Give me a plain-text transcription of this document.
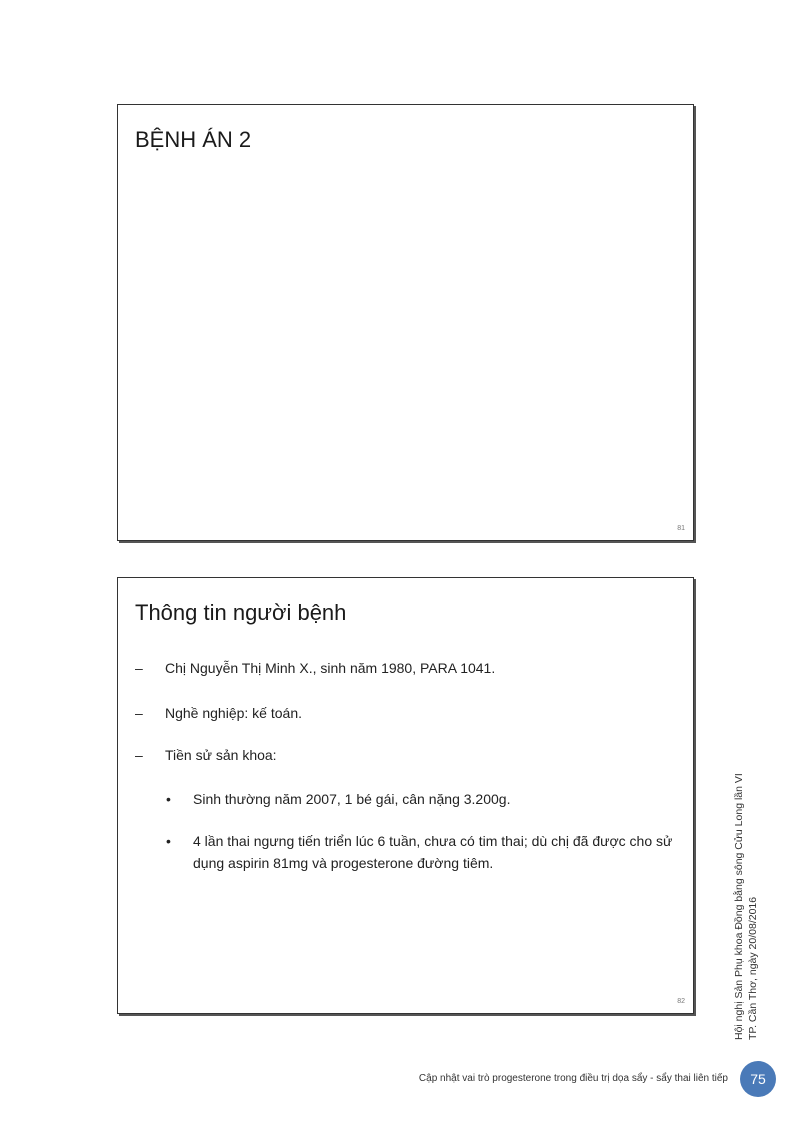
BỆNH ÁN 2
81
Thông tin người bệnh
– Chị Nguyễn Thị Minh X., sinh năm 1980, PARA 1041.
– Nghề nghiệp: kế toán.
– Tiền sử sản khoa:
• Sinh thường năm 2007, 1 bé gái, cân nặng 3.200g.
• 4 lần thai ngưng tiến triển lúc 6 tuần, chưa có tim thai; dù chị đã được cho sử dụng aspirin 81mg và progesterone đường tiêm.
82	Hội nghị Sản Phụ khoa Đồng bằng sông Cửu Long lần VI TP. Cần Thơ, ngày 20/08/2016
Cập nhật vai trò progesterone trong điều trị dọa sẩy - sẩy thai liên tiếp	75
